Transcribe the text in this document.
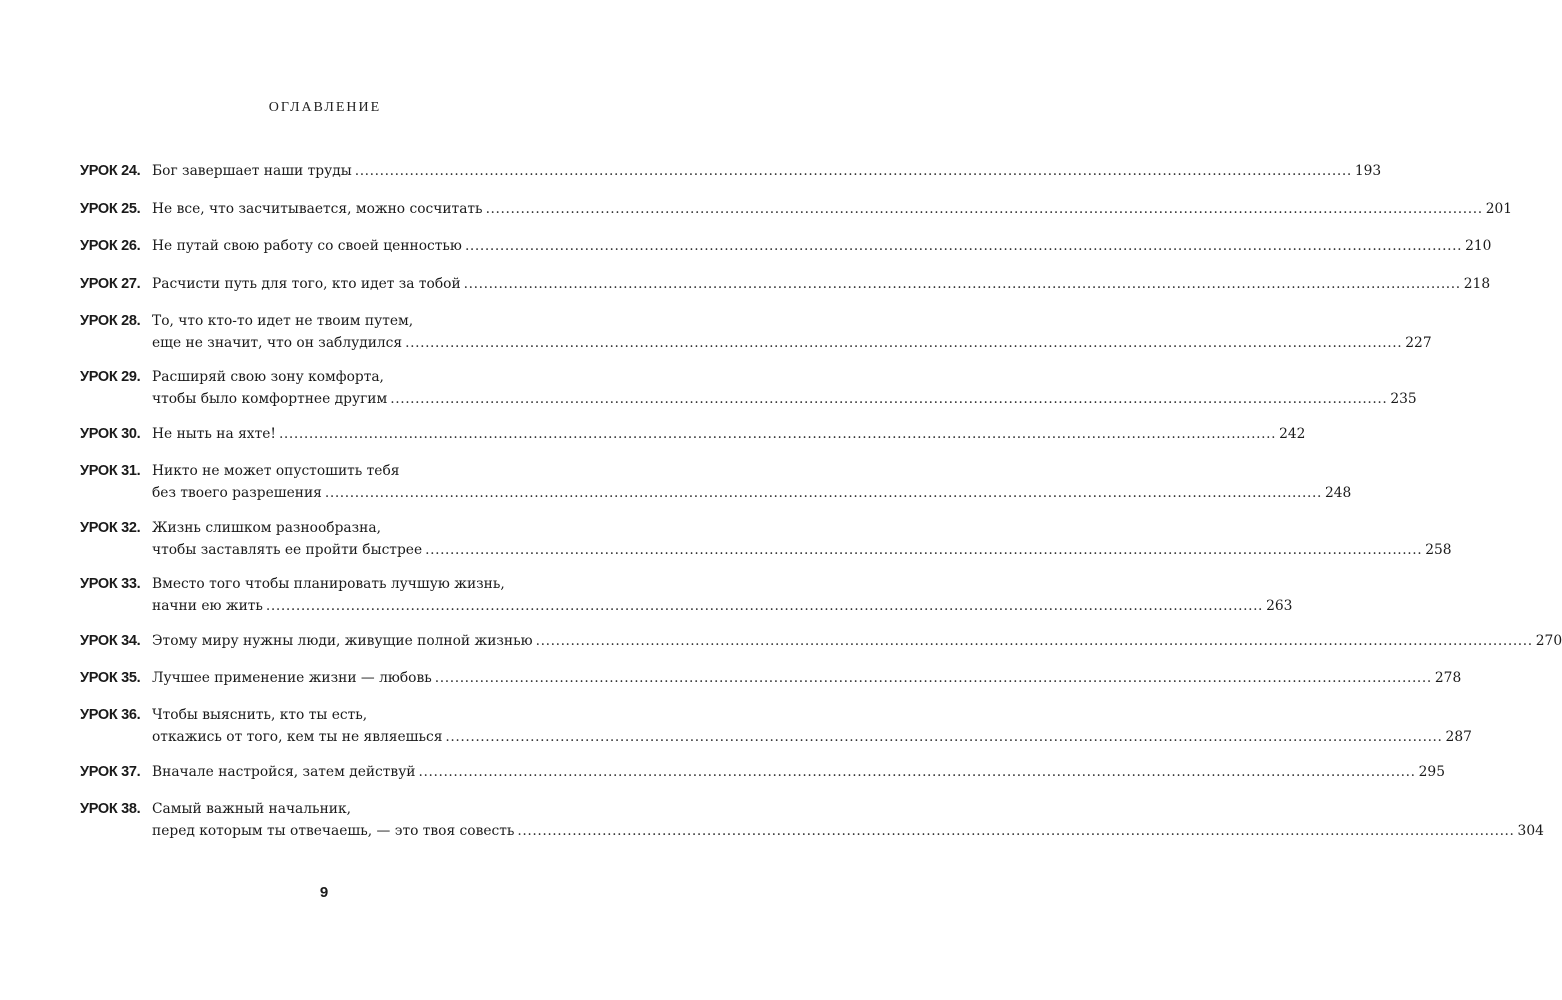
ОГЛАВЛЕНИЕ
УРОК 24. Бог завершает наши труды ........................................................................................................................................................................................................ 193
УРОК 25. Не все, что засчитывается, можно сосчитать ........................................................................................................................................................................................................ 201
УРОК 26. Не путай свою работу со своей ценностью ........................................................................................................................................................................................................ 210
УРОК 27. Расчисти путь для того, кто идет за тобой ........................................................................................................................................................................................................ 218
УРОК 28. То, что кто-то идет не твоим путем,
еще не значит, что он заблудился ........................................................................................................................................................................................................ 227
УРОК 29. Расширяй свою зону комфорта,
чтобы было комфортнее другим ........................................................................................................................................................................................................ 235
УРОК 30. Не ныть на яхте! ........................................................................................................................................................................................................ 242
УРОК 31. Никто не может опустошить тебя
без твоего разрешения ........................................................................................................................................................................................................ 248
УРОК 32. Жизнь слишком разнообразна,
чтобы заставлять ее пройти быстрее ........................................................................................................................................................................................................ 258
УРОК 33. Вместо того чтобы планировать лучшую жизнь,
начни ею жить ........................................................................................................................................................................................................ 263
УРОК 34. Этому миру нужны люди, живущие полной жизнью ........................................................................................................................................................................................................ 270
УРОК 35. Лучшее применение жизни — любовь ........................................................................................................................................................................................................ 278
УРОК 36. Чтобы выяснить, кто ты есть,
откажись от того, кем ты не являешься ........................................................................................................................................................................................................ 287
УРОК 37. Вначале настройся, затем действуй ........................................................................................................................................................................................................ 295
УРОК 38. Самый важный начальник,
перед которым ты отвечаешь, — это твоя совесть ........................................................................................................................................................................................................ 304
9
